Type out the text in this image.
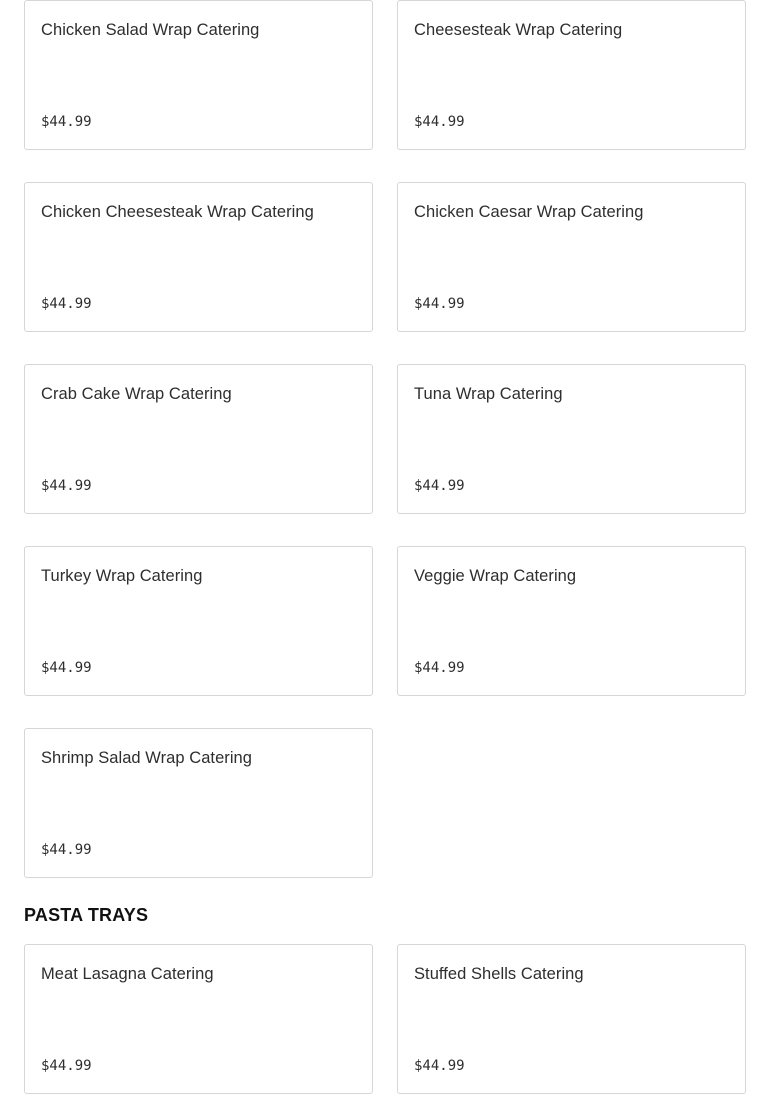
Chicken Salad Wrap Catering
$44.99
Cheesesteak Wrap Catering
$44.99
Chicken Cheesesteak Wrap Catering
$44.99
Chicken Caesar Wrap Catering
$44.99
Crab Cake Wrap Catering
$44.99
Tuna Wrap Catering
$44.99
Turkey Wrap Catering
$44.99
Veggie Wrap Catering
$44.99
Shrimp Salad Wrap Catering
$44.99
PASTA TRAYS
Meat Lasagna Catering
$44.99
Stuffed Shells Catering
$44.99
